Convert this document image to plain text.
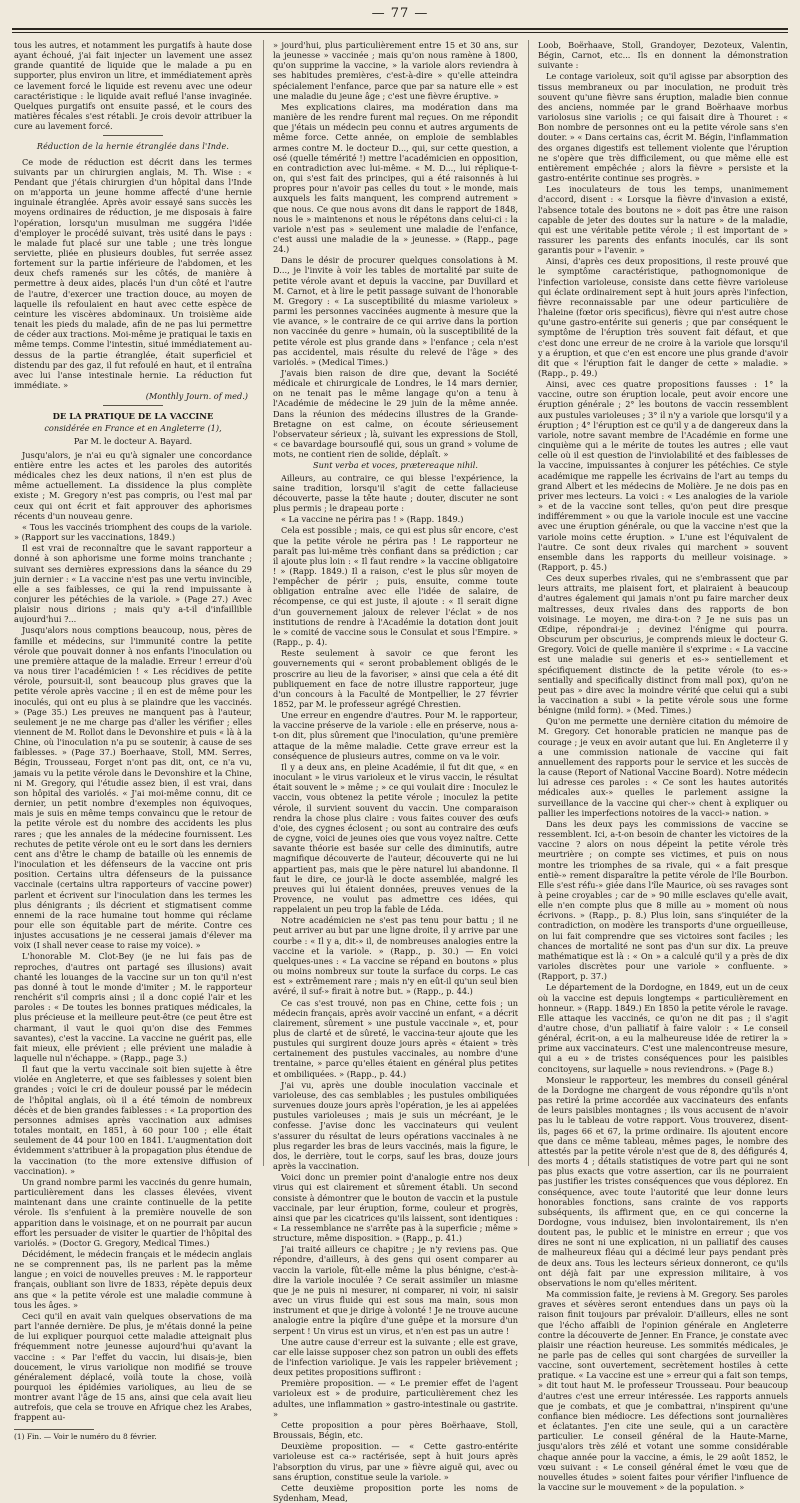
— 77 —

tous les autres, et notamment les purgatifs à haute dose ayant échoué, j'ai fait injecter un lavement une assez grande quantité de liquide que le malade a pu en supporter, plus environ un litre, et immédiatement après ce lavement forcé le liquide est revenu avec une odeur caractéristique : le liquide avait reflué l'anse invaginée. Quelques purgatifs ont ensuite passé, et le cours des matières fécales s'est rétabli. Je crois devoir attribuer la cure au lavement forcé.

Réduction de la hernie étranglée dans l'Inde.

Ce mode de réduction est décrit dans les termes suivants par un chirurgien anglais, M. Th. Wise : « Pendant que j'étais chirurgien d'un hôpital dans l'Inde on m'apporta un jeune homme affecté d'une hernie inguinale étranglée. Après avoir essayé sans succès les moyens ordinaires de réduction, je me disposais à faire l'opération, lorsqu'un musulman me suggéra l'idée d'employer le procédé suivant, très usité dans le pays : le malade fut placé sur une table ; une très longue serviette, pliée en plusieurs doubles, fut serrée assez fortement sur la partie inférieure de l'abdomen, et les deux chefs ramenés sur les côtés, de manière à permettre à deux aides, placés l'un d'un côté et l'autre de l'autre, d'exercer une traction douce, au moyen de laquelle ils refoulaient en haut avec cette espèce de ceinture les viscères abdominaux. Un troisième aide tenait les pieds du malade, afin de ne pas lui permettre de céder aux tractions. Moi-même je pratiquai le taxis en même temps. Comme l'intestin, situé immédiatement au-dessus de la partie étranglée, était superficiel et distendu par des gaz, il fut refoulé en haut, et il entraîna avec lui l'anse intestinale hernie. La réduction fut immédiate. »

(Monthly Journ. of med.)
DE LA PRATIQUE DE LA VACCINE
considérée en France et en Angleterre (1),
Par M. le docteur A. Bayard.

Jusqu'alors, je n'ai eu qu'à signaler une concordance entière entre les actes et les paroles des autorités médicales chez les deux nations, il n'en est plus de même actuellement. La dissidence la plus complète existe ; M. Gregory n'est pas compris, ou l'est mal par ceux qui ont écrit et fait approuver des aphorismes récents d'un nouveau genre.

« Tous les vaccinés triomphent des coups de la variole. » (Rapport sur les vaccinations, 1849.)

Il est vrai de reconnaître que le savant rapporteur a donné à son aphorisme une forme moins tranchante ; suivant ses dernières expressions dans la séance du 29 juin dernier : « La vaccine n'est pas une vertu invincible, elle a ses faiblesses, ce qui la rend impuissante à conjurer les pétéchies de la variole. » (Page 27.) Avec plaisir nous dirions ; mais qu'y a-t-il d'infaillible aujourd'hui ?...

Jusqu'alors nous comptions beaucoup, nous, pères de famille et médecins, sur l'immunité contre la petite vérole que pouvait donner à nos enfants l'inoculation ou une première attaque de la maladie. Erreur ! erreur d'où va nous tirer l'académicien ! « Les récidives de petite vérole, poursuit-il, sont beaucoup plus graves que la petite vérole après vaccine ; il en est de même pour les inoculés, qui ont eu plus à se plaindre que les vaccinés. » (Page 35.) Les preuves ne manquent pas à l'auteur, seulement je ne me charge pas d'aller les vérifier ; elles viennent de M. Rollot dans le Devonshire et puis « là à la Chine, où l'inoculation n'a pu se soutenir, à cause de ses faiblesses. » (Page 37.) Boerhaave, Stoll, MM. Serres, Bégin, Trousseau, Forget n'ont pas dit, ont, ce n'a vu, jamais vu la petite vérole dans le Devonshire et la Chine, ni M. Gregory, qui l'étudie assez bien, il est vrai, dans son hôpital des variolés. « J'ai moi-même connu, dit ce dernier, un petit nombre d'exemples non équivoques, mais je suis en même temps convaincu que le retour de la petite vérole est du nombre des accidents les plus rares ; que les annales de la médecine fournissent. Les rechutes de petite vérole ont eu le sort dans les derniers cent ans d'être le champ de bataille où les ennemis de l'inoculation et les défenseurs de la vaccine ont pris position. Certains ultra défenseurs de la puissance vaccinale (certains ultra rapporteurs of vaccine power) parlent et écrivent sur l'inoculation dans les termes les plus dénigrants ; ils décrient et stigmatisent comme ennemi de la race humaine tout homme qui réclame pour elle son équitable part de mérite. Contre ces injustes accusations je ne cesserai jamais d'élever ma voix (I shall never cease to raise my voice). »

L'honorable M. Clot-Bey (je ne lui fais pas de reproches, d'autres ont partagé ses illusions) avait chanté les louanges de la vaccine sur un ton qu'il n'est pas donné à tout le monde d'imiter ; M. le rapporteur renchérit s'il compris ainsi ; il a donc copié l'air et les paroles : « De toutes les bonnes pratiques médicales, la plus précieuse et la meilleure peut-être (ce peut être est charmant, il vaut le quoi qu'on dise des Femmes savantes), c'est la vaccine. La vaccine ne guérit pas, elle fait mieux, elle prévient ; elle prévient une maladie à laquelle nul n'échappe. » (Rapp., page 3.)

Il faut que la vertu vaccinale soit bien sujette à être violée en Angleterre, et que ses faiblesses y soient bien grandes ; voici le cri de douleur poussé par le médecin de l'hôpital anglais, où il a été témoin de nombreux décès et de bien grandes faiblesses : « La proportion des personnes admises après vaccination aux admises totales montait, en 1851, à 60 pour 100 ; elle était seulement de 44 pour 100 en 1841. L'augmentation doit évidemment s'attribuer à la propagation plus étendue de la vaccination (to the more extensive diffusion of vaccination). »

Un grand nombre parmi les vaccinés du genre humain, particulièrement dans les classes élevées, vivent maintenant dans une crainte continuelle de la petite vérole. Ils s'enfuient à la première nouvelle de son apparition dans le voisinage, et on ne pourrait par aucun effort les persuader de visiter le quartier de l'hôpital des variolés. » (Doctor G. Gregory, Medical Times.)

Décidément, le médecin français et le médecin anglais ne se comprennent pas, ils ne parlent pas la même langue ; en voici de nouvelles preuves : M. le rapporteur français, oubliant son livre de 1833, répète depuis deux ans que « la petite vérole est une maladie commune à tous les âges. »

Ceci qu'il en avait vain quelques observations de ma part l'année dernière. De plus, je m'étais donné la peine de lui expliquer pourquoi cette maladie atteignait plus fréquemment notre jeunesse aujourd'hui qu'avant la vaccine : « Par l'effet du vaccin, lui disais-je, bien doucement, le virus variolique non modifié se trouve généralement déplacé, voilà toute la chose, voilà pourquoi les épidémies varioliques, au lieu de se montrer avant l'âge de 15 ans, ainsi que cela avait lieu autrefois, que cela se trouve en Afrique chez les Arabes, frappent au-

(1) Fin. — Voir le numéro du 8 février.

» jourd'hui, plus particulièrement entre 15 et 30 ans, sur la jeunesse » vaccinée ; mais qu'on nous ramène à 1800, qu'on supprime la vaccine, » la variole alors reviendra à ses habitudes premières, c'est-à-dire » qu'elle atteindra spécialement l'enfance, parce que par sa nature elle » est une maladie du jeune âge ; c'est une fièvre éruptive. »

Mes explications claires, ma modération dans ma manière de les rendre furent mal reçues. On me répondit que j'étais un médecin peu connu et autres arguments de même force. Cette année, on emploie de semblables armes contre M. le docteur D..., qui, sur cette question, a osé (quelle témérité !) mettre l'académicien en opposition, en contradiction avec lui-même. « M. D..., lui réplique-t-on, qui s'est fait des principes, qui a été raisonnés à lui propres pour n'avoir pas celles du tout » le monde, mais auxquels les faits manquent, les comprend autrement » que nous. Ce que nous avons dit dans le rapport de 1848, nous le » maintenons et nous le répétons dans celui-ci : la variole n'est pas » seulement une maladie de l'enfance, c'est aussi une maladie de la » jeunesse. » (Rapp., page 24.)

Dans le désir de procurer quelques consolations à M. D..., je l'invite à voir les tables de mortalité par suite de petite vérole avant et depuis la vaccine, par Duvillard et M. Carnot, et à lire le petit passage suivant de l'honorable M. Gregory : « La susceptibilité du miasme varioleux » parmi les personnes vaccinées augmente à mesure que la vie avance, » le contraire de ce qui arrive dans la portion non vaccinée du genre » humain, où la susceptibilité de la petite vérole est plus grande dans » l'enfance ; cela n'est pas accidentel, mais résulte du relevé de l'âge » des variolés. » (Medical Times.)

J'avais bien raison de dire que, devant la Société médicale et chirurgicale de Londres, le 14 mars dernier, on ne tenait pas le même langage qu'on a tenu à l'Académie de médecine le 29 juin de la même année. Dans la réunion des médecins illustres de la Grande-Bretagne on est calme, on écoute sérieusement l'observateur sérieux ; là, suivant les expressions de Stoll, « ce bavardage boursouflé qui, sous un grand » volume de mots, ne contient rien de solide, déplaît. »

Sunt verba et voces, prætereaque nihil.

Ailleurs, au contraire, ce qui blesse l'expérience, la saine tradition, lorsqu'il s'agit de cette fallacieuse découverte, passe la tête haute ; douter, discuter ne sont plus permis ; le drapeau porte :

« La vaccine ne périra pas ! » (Rapp. 1849.)

Cela est possible ; mais, ce qui est plus sûr encore, c'est que la petite vérole ne périra pas ! Le rapporteur ne paraît pas lui-même très confiant dans sa prédiction ; car il ajoute plus loin : « Il faut rendre » la vaccine obligatoire ! » (Rapp. 1849.) Il a raison, c'est le plus sûr moyen de l'empêcher de périr ; puis, ensuite, comme toute obligation entraîne avec elle l'idée de salaire, de récompense, ce qui est juste, il ajoute : « Il serait digne d'un gouvernement jaloux de relever l'éclat » de nos institutions de rendre à l'Académie la dotation dont jouit le » comité de vaccine sous le Consulat et sous l'Empire. » (Rapp., p. 4).

Reste seulement à savoir ce que feront les gouvernements qui « seront probablement obligés de le proscrire au lieu de la favoriser, » ainsi que cela a été dit publiquement en face de notre illustre rapporteur, juge d'un concours à la Faculté de Montpellier, le 27 février 1852, par M. le professeur agrégé Chrestien.

Une erreur en engendre d'autres. Pour M. le rapporteur, la vaccine préserve de la variole : elle en préserve, nous a-t-on dit, plus sûrement que l'inoculation, qu'une première attaque de la même maladie. Cette grave erreur est la conséquence de plusieurs autres, comme on va le voir.

Il y a deux ans, en pleine Académie, il fut dit que, « en inoculant » le virus varioleux et le virus vaccin, le résultat était souvent le » même ; » ce qui voulait dire : Inoculez le vaccin, vous obtenez la petite vérole ; inoculez la petite vérole, il survient souvent du vaccin. Une comparaison rendra la chose plus claire : vous faites couver des œufs d'oie, des cygnes éclosent ; ou sont au contraire des œufs de cygne, voici de jeunes oies que vous voyez naître. Cette savante théorie est basée sur celle des diminutifs, autre magnifique découverte de l'auteur, découverte qui ne lui appartient pas, mais que le père naturel lui abandonne. Il faut le dire, ce jour-là le docte assemblée, malgré les preuves qui lui étaient données, preuves venues de la Provence, ne voulut pas admettre ces idées, qui rappelaient un peu trop la fable de Léda.

Notre académicien ne s'est pas tenu pour battu ; il ne peut arriver au but par une ligne droite, il y arrive par une courbe : « Il y a, dit-» il, de nombreuses analogies entre la vaccine et la variole. » (Rapp., p. 30.) — En voici quelques-unes : « La vaccine se répand en boutons » plus ou moins nombreux sur toute la surface du corps. Le cas est » extrêmement rare ; mais n'y en eût-il qu'un seul bien avéré, il suf-» firait à notre but. » (Rapp., p. 44.)

Ce cas s'est trouvé, non pas en Chine, cette fois ; un médecin français, après avoir vacciné un enfant, « a décrit clairement, sûrement » une pustule vaccinale », et, pour plus de clarté et de sûreté, le vaccina-teur ajoute que les pustules qui surgirent douze jours après « étaient » très certainement des pustules vaccinales, au nombre d'une trentaine, » parce qu'elles étaient en général plus petites et ombiliquées. » (Rapp., p. 44.)

J'ai vu, après une double inoculation vaccinale et varioleuse, des cas semblables ; les pustules ombiliquées survenues douze jours après l'opération, je les ai appelées pustules varioleuses ; mais je suis un mécréant, je le confesse. J'avise donc les vaccinateurs qui veulent s'assurer du résultat de leurs opérations vaccinales à ne plus regarder les bras de leurs vaccinés, mais la figure, le dos, le derrière, tout le corps, sauf les bras, douze jours après la vaccination.

Voici donc un premier point d'analogie entre nos deux virus qui est clairement et sûrement établi. Un second consiste à démontrer que le bouton de vaccin et la pustule vaccinale, par leur éruption, forme, couleur et progrès, ainsi que par les cicatrices qu'ils laissent, sont identiques : « La ressemblance ne s'arrête pas à la superficie ; même » structure, même disposition. » (Rapp., p. 41.)

J'ai traité ailleurs ce chapitre ; je n'y reviens pas. Que répondre, d'ailleurs, à des gens qui osent comparer au vaccin la variole, fût-elle même la plus bénigne, c'est-à-dire la variole inoculée ? Ce serait assimiler un miasme que je ne puis ni mesurer, ni comparer, ni voir, ni saisir avec un virus fluide qui est sous ma main, sous mon instrument et que je dirige à volonté ! Je ne trouve aucune analogie entre la piqûre d'une guêpe et la morsure d'un serpent ! Un virus est un virus, et n'en est pas un autre !

Une autre cause d'erreur est la suivante ; elle est grave, car elle laisse supposer chez son patron un oubli des effets de l'infection variolique. Je vais les rappeler brièvement ; deux petites propositions suffiront :

Première proposition. — « Le premier effet de l'agent varioleux est » de produire, particulièrement chez les adultes, une inflammation » gastro-intestinale ou gastrite. »

Cette proposition a pour pères Boërhaave, Stoll, Broussais, Bégin, etc.

Deuxième proposition. — « Cette gastro-entérite varioleuse est ca-» ractérisée, sept à huit jours après l'absorption du virus, par une » fièvre aiguë qui, avec ou sans éruption, constitue seule la variole. »

Cette deuxième proposition porte les noms de Sydenham, Mead,

Loob, Boërhaave, Stoll, Grandoyer, Dezoteux, Valentin, Bégin, Carnot, etc... Ils en donnent la démonstration suivante :

Le contage varioleux, soit qu'il agisse par absorption des tissus membraneux ou par inoculation, ne produit très souvent qu'une fièvre sans éruption, maladie bien connue des anciens, nommée par le grand Boërhaave morbus variolosus sine variolis ; ce qui faisait dire à Thouret : « Bon nombre de personnes ont eu la petite vérole sans s'en douter. » « Dans certains cas, écrit M. Bégin, l'inflammation des organes digestifs est tellement violente que l'éruption ne s'opère que très difficilement, ou que même elle est entièrement empêchée ; alors la fièvre » persiste et la gastro-entérite continue ses progrès. »

Les inoculateurs de tous les temps, unanimement d'accord, disent : « Lorsque la fièvre d'invasion a existé, l'absence totale des boutons ne » doit pas être une raison capable de jeter des doutes sur la nature » de la maladie, qui est une véritable petite vérole ; il est important de » rassurer les parents des enfants inoculés, car ils sont garantis pour » l'avenir. »

Ainsi, d'après ces deux propositions, il reste prouvé que le symptôme caractéristique, pathognomonique de l'infection varioleuse, consiste dans cette fièvre varioleuse qui éclate ordinairement sept à huit jours après l'infection, fièvre reconnaissable par une odeur particulière de l'haleine (fœtor oris specificus), fièvre qui n'est autre chose qu'une gastro-entérite sui generis ; que par conséquent le symptôme de l'éruption très souvent fait défaut, et que c'est donc une erreur de ne croire à la variole que lorsqu'il y a éruption, et que c'en est encore une plus grande d'avoir dit que « l'éruption fait le danger de cette » maladie. » (Rapp., p. 49.)

Ainsi, avec ces quatre propositions fausses : 1° la vaccine, outre son éruption locale, peut avoir encore une éruption générale ; 2° les boutons de vaccin ressemblent aux pustules varioleuses ; 3° il n'y a variole que lorsqu'il y a éruption ; 4° l'éruption est ce qu'il y a de dangereux dans la variole, notre savant membre de l'Académie en forme une cinquième qui a le mérite de toutes les autres ; elle vaut celle où il est question de l'inviolabilité et des faiblesses de la vaccine, impuissantes à conjurer les pétéchies. Ce style académique me rappelle les écrivains de l'art au temps du grand Albert et les médecins de Molière. Je ne dois pas en priver mes lecteurs. La voici : « Les analogies de la variole » et de la vaccine sont telles, qu'on peut dire presque indifféremment » ou que la variole inocule est une vaccine avec une éruption générale, ou que la vaccine n'est que la variole moins cette éruption. » L'une est l'équivalent de l'autre. Ce sont deux rivales qui marchent » souvent ensemble dans les rapports du meilleur voisinage. » (Rapport, p. 45.)

Ces deux superbes rivales, qui ne s'embrassent que par leurs attraits, me plaisent fort, et plairaient à beaucoup d'autres également qui jamais n'ont pu faire marcher deux maîtresses, deux rivales dans des rapports de bon voisinage. Le moyen, me dira-t-on ? Je ne suis pas un Œdipe, répondrai-je ; devinez l'énigme qui pourra. Obscurum per obscurius, je comprends mieux le docteur G. Gregory. Voici de quelle manière il s'exprime : « La vaccine est une maladie sui generis et es-» sentiellement et spécifiquement distincte de la petite vérole (to es-» sentially and specifically distinct from mall pox), qu'on ne peut pas » dire avec la moindre vérité que celui qui a subi la vaccination a subi » la petite vérole sous une forme bénigne (mild form). » (Med. Times.)

Qu'on me permette une dernière citation du mémoire de M. Gregory. Cet honorable praticien ne manque pas de courage ; je veux en avoir autant que lui. En Angleterre il y a une commission nationale de vaccine qui fait annuellement des rapports pour le service et les succès de la cause (Report of National Vaccine Board). Notre médecin lui adresse ces paroles : « Ce sont les hautes autorités médicales aux-» quelles le parlement assigne la surveillance de la vaccine qui cher-» chent à expliquer ou pallier les imperfections notoires de la vacci-» nation. »

Dans les deux pays les commissions de vaccine se ressemblent. Ici, a-t-on besoin de chanter les victoires de la vaccine ? alors on nous dépeint la petite vérole très meurtrière ; on compte ses victimes, et puis on nous montre les triomphes de sa rivale, qui « a fait presque entiè-» rement disparaître la petite vérole de l'île Bourbon. Elle s'est réfu-» giée dans l'île Maurice, où ses ravages sont à peine croyables ; car de » 90 mille esclaves qu'elle avait, elle n'en compte plus que 8 mille au » moment où nous écrivons. » (Rapp., p. 8.) Plus loin, sans s'inquiéter de la contradiction, on modère les transports d'une orgueilleuse, on lui fait comprendre que ses victoires sont faciles ; les chances de mortalité ne sont pas d'un sur dix. La preuve mathématique est là : « On » a calculé qu'il y a près de dix varioles discrètes pour une variole » confluente. » (Rapport, p. 37.)

Le département de la Dordogne, en 1849, eut un de ceux où la vaccine est depuis longtemps « particulièrement en honneur. » (Rapp. 1849.) En 1850 la petite vérole le ravage. Elle attaque les vaccinés, ce qu'on ne dit pas ; il s'agit d'autre chose, d'un palliatif à faire valoir : « Le conseil général, écrit-on, a eu la malheureuse idée de retirer la » prime aux vaccinateurs. C'est une malencontreuse mesure, qui a eu » de tristes conséquences pour les paisibles concitoyens, sur laquelle » nous reviendrons. » (Page 8.)

Monsieur le rapporteur, les membres du conseil général de la Dordogne me chargent de vous répondre qu'ils n'ont pas retiré la prime accordée aux vaccinateurs des enfants de leurs paisibles montagnes ; ils vous accusent de n'avoir pas lu le tableau de votre rapport. Vous trouverez, disent-ils, pages 66 et 67, la prime ordinaire. Ils ajoutent encore que dans ce même tableau, mêmes pages, le nombre des attestés par la petite vérole n'est que de 8, des défigurés 4, des morts 4 ; détails statistiques de votre part qui ne sont pas plus exacts que votre assertion, car ils ne pourraient pas justifier les tristes conséquences que vous déplorez. En conséquence, avec toute l'autorité que leur donne leurs honorables fonctions, sans crainte de vos rapports subséquents, ils affirment que, en ce qui concerne la Dordogne, vous induisez, bien involontairement, ils n'en doutent pas, le public et le ministre en erreur ; que vos dires ne sont ni une explication, ni un palliatif des causes de malheureux fléau qui a décimé leur pays pendant près de deux ans. Tous les lecteurs sérieux donneront, ce qu'ils ont déjà fait par une expression militaire, à vos observations le nom qu'elles méritent.

Ma commission faite, je reviens à M. Gregory. Ses paroles graves et sévères seront entendues dans un pays où la raison finit toujours par prévaloir. D'ailleurs, elles ne sont que l'écho affaibli de l'opinion générale en Angleterre contre la découverte de Jenner. En France, je constate avec plaisir une réaction heureuse. Les sommités médicales, je ne parle pas de celles qui sont chargées de surveiller la vaccine, sont ouvertement, secrètement hostiles à cette pratique. « La vaccine est une » erreur qui a fait son temps, » dit tout haut M. le professeur Trousseau. Pour beaucoup d'autres c'est une erreur intéressée. Les rapports annuels que je combats, et que je combattrai, n'inspirent qu'une confiance bien médiocre. Les défections sont journalières et éclatantes. J'en cite une seule, qui a un caractère particulier. Le conseil général de la Haute-Marne, jusqu'alors très zélé et votant une somme considérable chaque année pour la vaccine, a émis, le 29 août 1852, le vœu suivant : « Le conseil général émet le vœu que de nouvelles études » soient faites pour vérifier l'influence de la vaccine sur le mouvement » de la population. »
